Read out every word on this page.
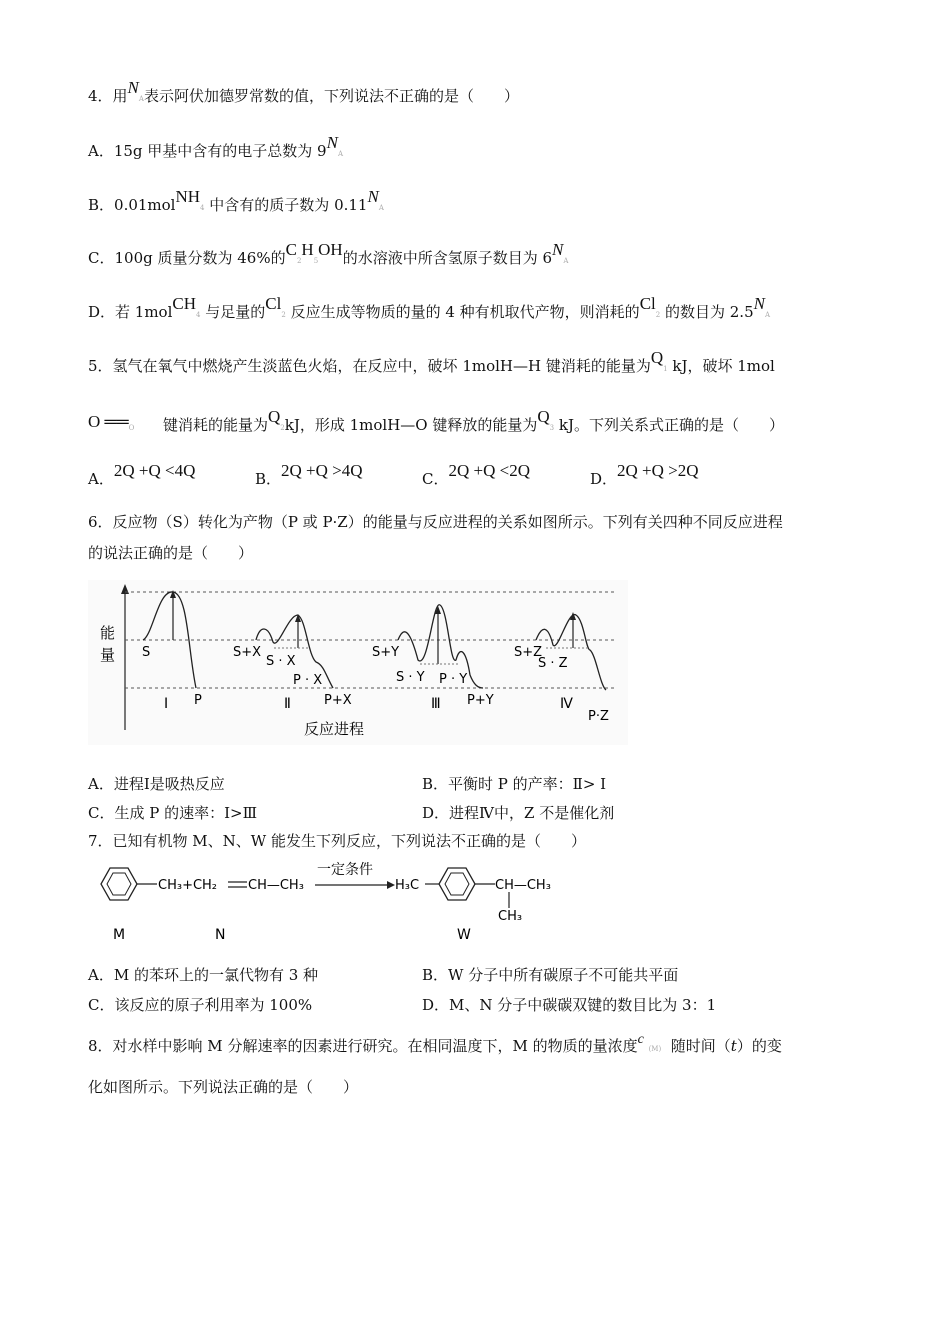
4．用NA表示阿伏加德罗常数的值，下列说法不正确的是（　　）
A．15g 甲基中含有的电子总数为 9NA
B．0.01molNH4 中含有的质子数为 0.11NA
C．100g 质量分数为 46%的C2H5OH的水溶液中所含氢原子数目为 6NA
D．若 1molCH4 与足量的Cl2 反应生成等物质的量的 4 种有机取代产物，则消耗的Cl2 的数目为 2.5NA
5．氢气在氧气中燃烧产生淡蓝色火焰，在反应中，破坏 1molH—H 键消耗的能量为Q1 kJ，破坏 1mol
O ══O 键消耗的能量为Q2kJ，形成 1molH—O 键释放的能量为Q3 kJ。下列关系式正确的是（　　）
A．2Q +Q <4Q	B．2Q +Q >4Q	C．2Q +Q <2Q	D．2Q +Q >2Q
6．反应物（S）转化为产物（P 或 P·Z）的能量与反应进程的关系如图所示。下列有关四种不同反应进程
的说法正确的是（　　）
能
量 S
P
Ⅰ
S+X
S · X
P · X
P+X
Ⅱ
S+Y
S · Y P · Y
P+Y
Ⅲ
S+Z
S · Z
P·Z
Ⅳ
反应进程
A．进程Ⅰ是吸热反应	B．平衡时 P 的产率：Ⅱ> Ⅰ
C．生成 P 的速率：Ⅰ>Ⅲ	D．进程Ⅳ中，Z 不是催化剂
7．已知有机物 M、N、W 能发生下列反应，下列说法不正确的是（　　）
CH₃+CH₂ CH—CH₃
一定条件
H₃C	CH—CH₃
CH₃
M	N	W
A．M 的苯环上的一氯代物有 3 种	B．W 分子中所有碳原子不可能共平面
C．该反应的原子利用率为 100%	D．M、N 分子中碳碳双键的数目比为 3：1
8．对水样中影响 M 分解速率的因素进行研究。在相同温度下，M 的物质的量浓度c (M) 随时间（t）的变
化如图所示。下列说法正确的是（　　）
